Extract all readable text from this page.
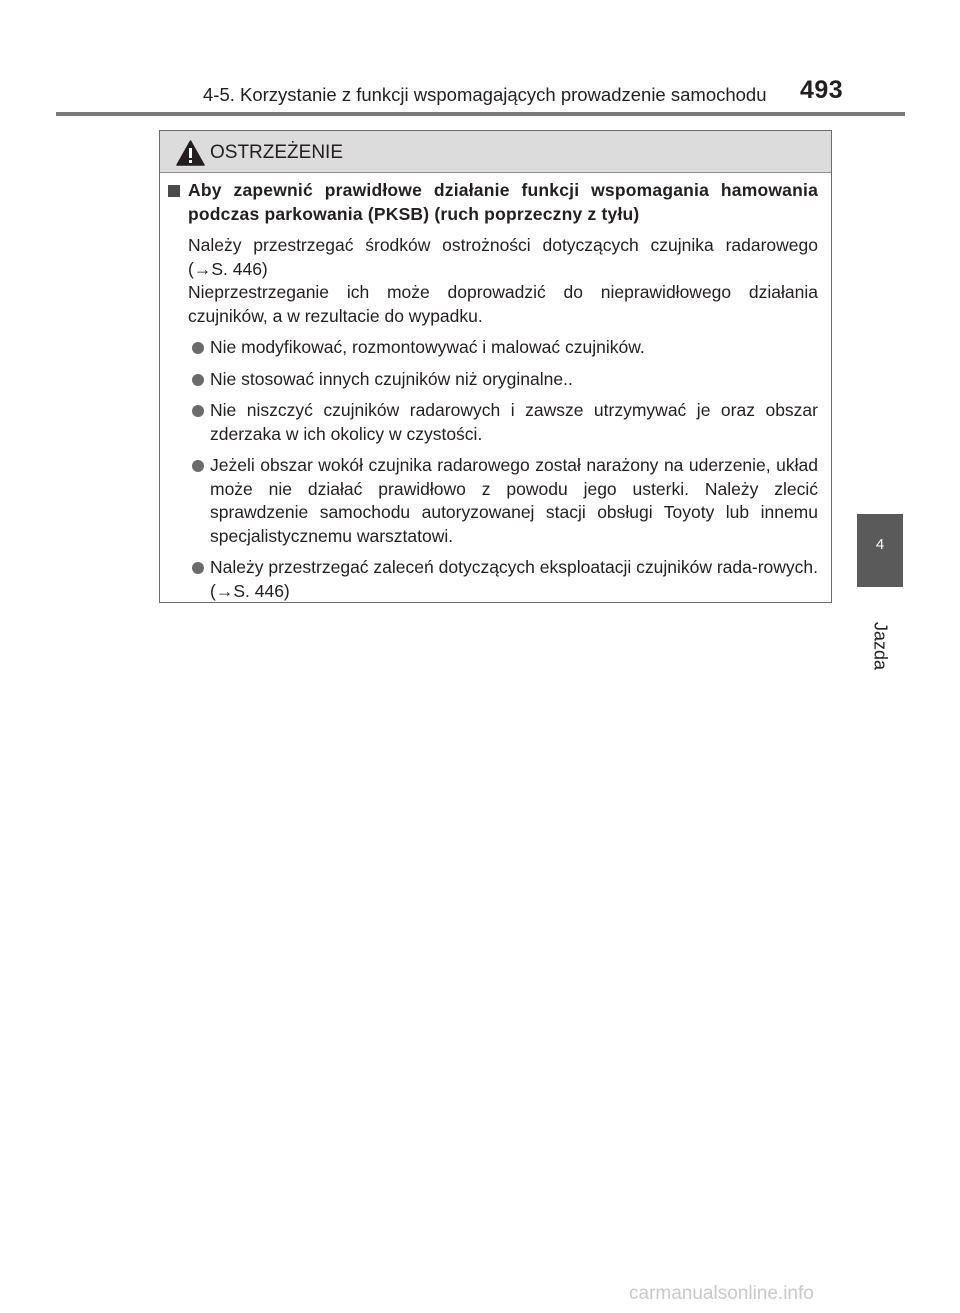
4-5. Korzystanie z funkcji wspomagających prowadzenie samochodu 493
4
Jazda
OSTRZEŻENIE
Aby zapewnić prawidłowe działanie funkcji wspomagania hamowania podczas parkowania (PKSB) (ruch poprzeczny z tyłu)
Należy przestrzegać środków ostrożności dotyczących czujnika radarowego (→S. 446)
Nieprzestrzeganie ich może doprowadzić do nieprawidłowego działania czujników, a w rezultacie do wypadku.
Nie modyfikować, rozmontowywać i malować czujników.
Nie stosować innych czujników niż oryginalne..
Nie niszczyć czujników radarowych i zawsze utrzymywać je oraz obszar zderzaka w ich okolicy w czystości.
Jeżeli obszar wokół czujnika radarowego został narażony na uderzenie, układ może nie działać prawidłowo z powodu jego usterki. Należy zlecić sprawdzenie samochodu autoryzowanej stacji obsługi Toyoty lub innemu specjalistycznemu warsztatowi.
Należy przestrzegać zaleceń dotyczących eksploatacji czujników rada-rowych. (→S. 446)
carmanualsonline.info
